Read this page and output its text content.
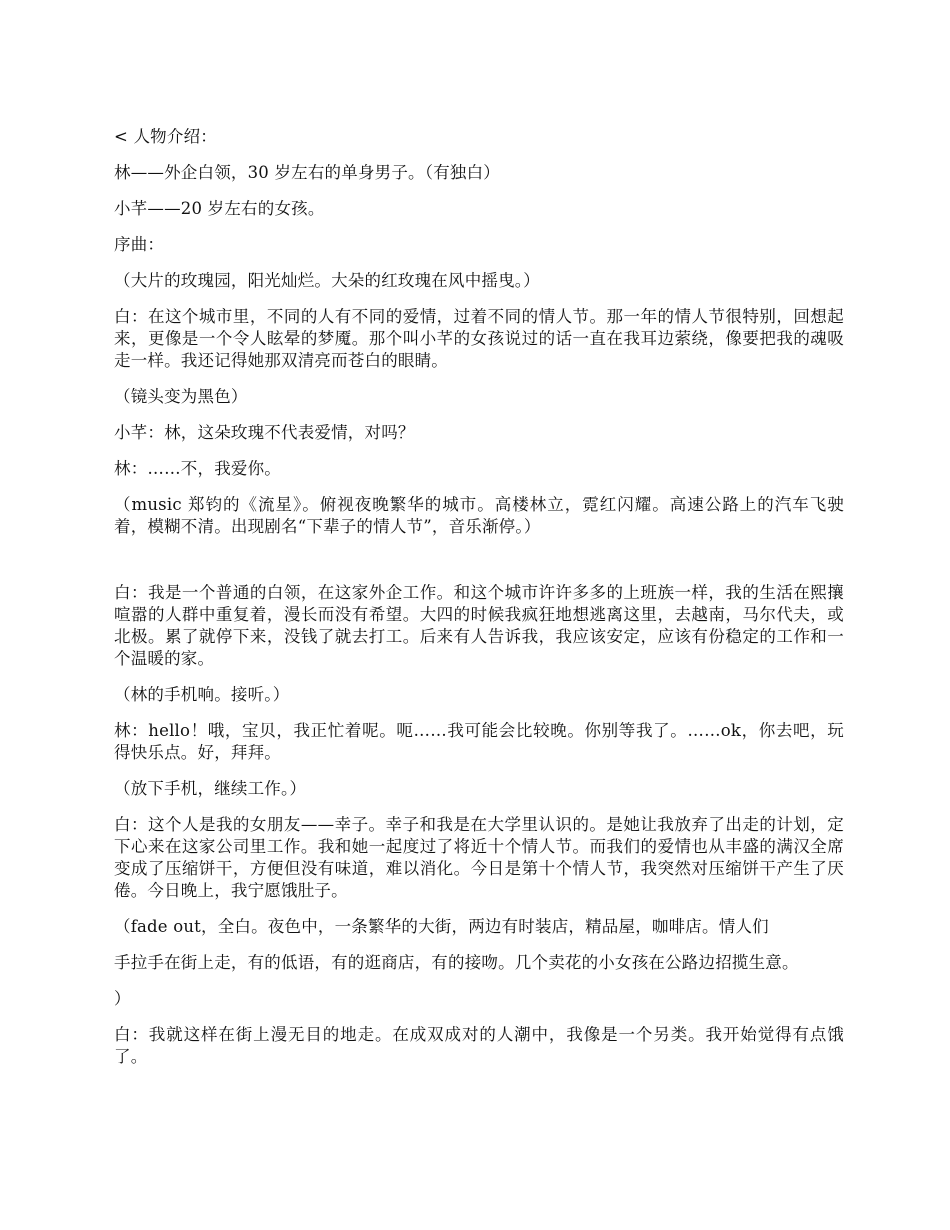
< 人物介绍：

林——外企白领，30 岁左右的单身男子。（有独白）

小芊——20 岁左右的女孩。

序曲：

（大片的玫瑰园，阳光灿烂。大朵的红玫瑰在风中摇曳。）

白：在这个城市里，不同的人有不同的爱情，过着不同的情人节。那一年的情人节很特别，回想起来，更像是一个令人眩晕的梦魇。那个叫小芊的女孩说过的话一直在我耳边萦绕，像要把我的魂吸走一样。我还记得她那双清亮而苍白的眼睛。

（镜头变为黑色）

小芊：林，这朵玫瑰不代表爱情，对吗？

林：……不，我爱你。

（music 郑钧的《流星》。俯视夜晚繁华的城市。高楼林立，霓红闪耀。高速公路上的汽车飞驶着，模糊不清。出现剧名“下辈子的情人节”，音乐渐停。）

白：我是一个普通的白领，在这家外企工作。和这个城市许许多多的上班族一样，我的生活在熙攘喧嚣的人群中重复着，漫长而没有希望。大四的时候我疯狂地想逃离这里，去越南，马尔代夫，或北极。累了就停下来，没钱了就去打工。后来有人告诉我，我应该安定，应该有份稳定的工作和一个温暖的家。

（林的手机响。接听。）

林：hello！哦，宝贝，我正忙着呢。呃……我可能会比较晚。你别等我了。……ok，你去吧，玩得快乐点。好，拜拜。

（放下手机，继续工作。）

白：这个人是我的女朋友——幸子。幸子和我是在大学里认识的。是她让我放弃了出走的计划，定下心来在这家公司里工作。我和她一起度过了将近十个情人节。而我们的爱情也从丰盛的满汉全席变成了压缩饼干，方便但没有味道，难以消化。今日是第十个情人节，我突然对压缩饼干产生了厌倦。今日晚上，我宁愿饿肚子。

（fade out，全白。夜色中，一条繁华的大街，两边有时装店，精品屋，咖啡店。情人们

手拉手在街上走，有的低语，有的逛商店，有的接吻。几个卖花的小女孩在公路边招揽生意。

）

白：我就这样在街上漫无目的地走。在成双成对的人潮中，我像是一个另类。我开始觉得有点饿了。
